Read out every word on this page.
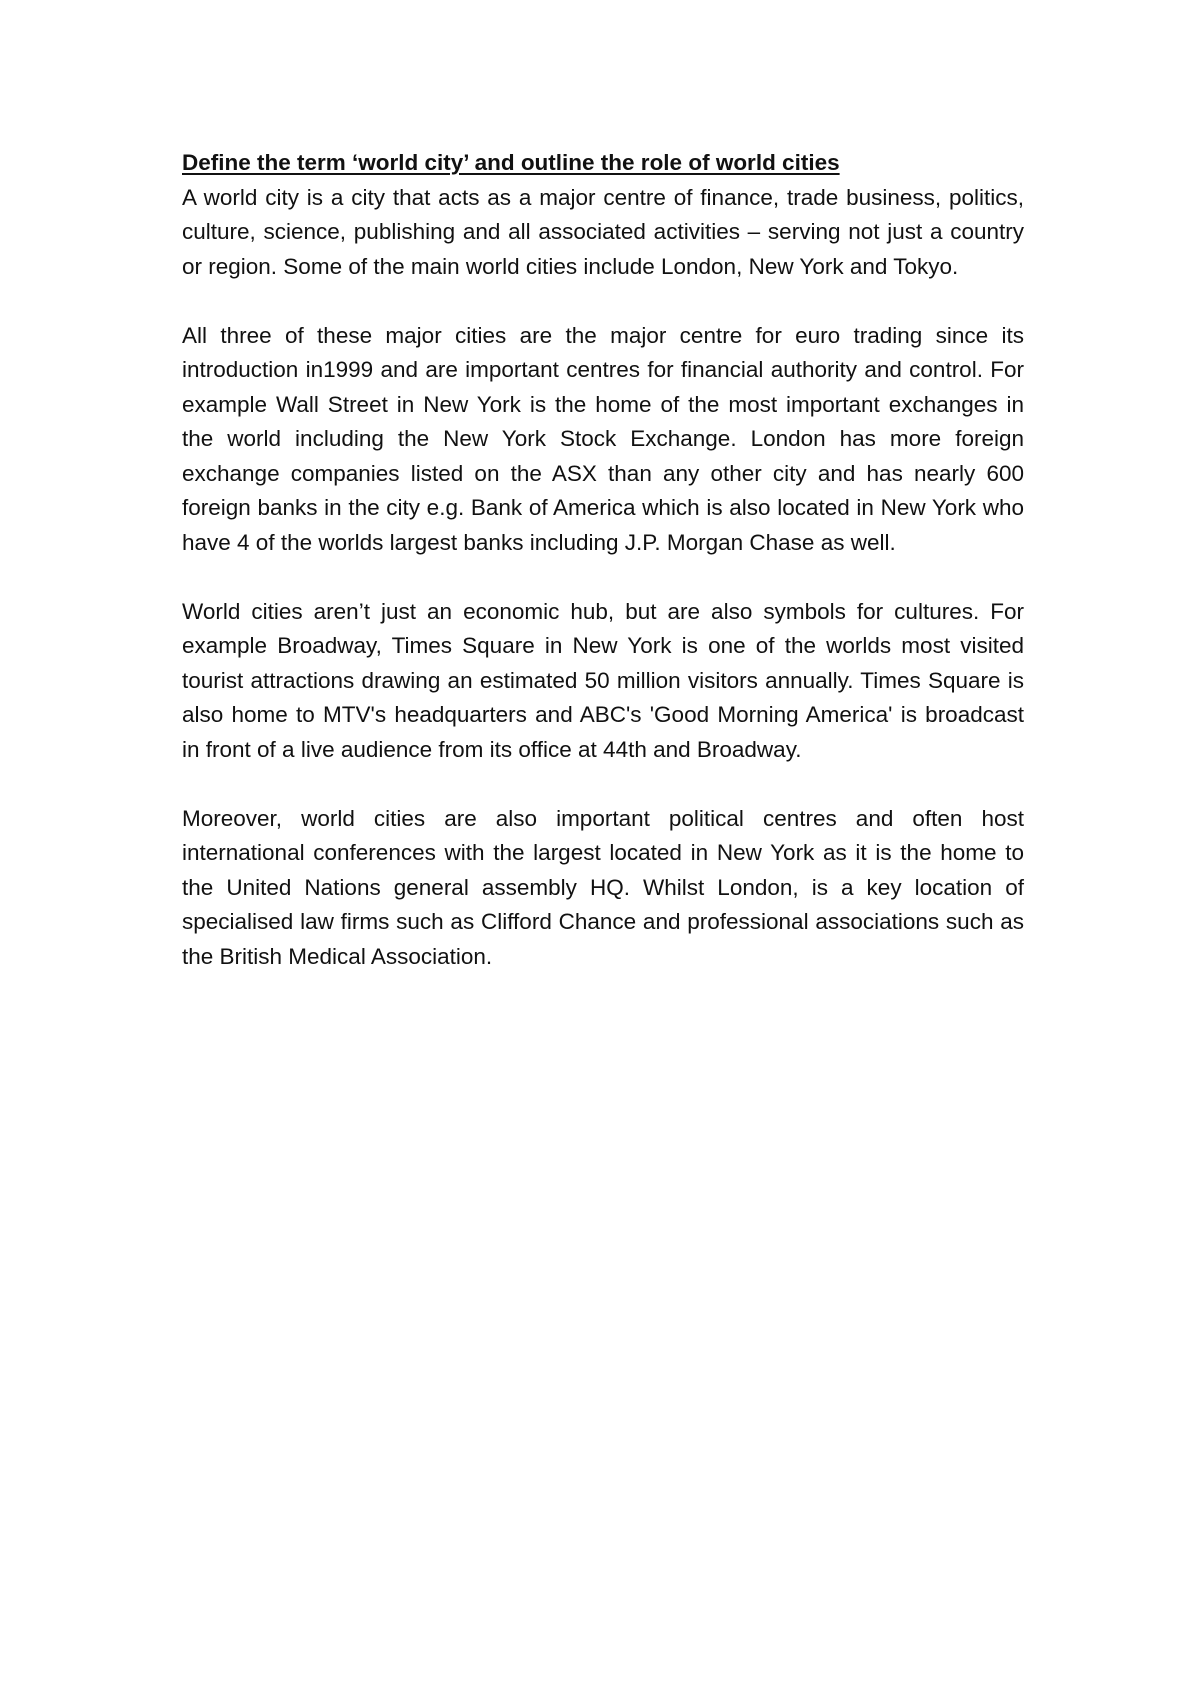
Define the term ‘world city’ and outline the role of world cities

A world city is a city that acts as a major centre of finance, trade business, politics, culture, science, publishing and all associated activities – serving not just a country or region. Some of the main world cities include London, New York and Tokyo.

All three of these major cities are the major centre for euro trading since its introduction in1999 and are important centres for financial authority and control. For example Wall Street in New York is the home of the most important exchanges in the world including the New York Stock Exchange. London has more foreign exchange companies listed on the ASX than any other city and has nearly 600 foreign banks in the city e.g. Bank of America which is also located in New York who have 4 of the worlds largest banks including J.P. Morgan Chase as well.

World cities aren’t just an economic hub, but are also symbols for cultures. For example Broadway, Times Square in New York is one of the worlds most visited tourist attractions drawing an estimated 50 million visitors annually. Times Square is also home to MTV's headquarters and ABC's 'Good Morning America' is broadcast in front of a live audience from its office at 44th and Broadway.

Moreover, world cities are also important political centres and often host international conferences with the largest located in New York as it is the home to the United Nations general assembly HQ. Whilst London, is a key location of specialised law firms such as Clifford Chance and professional associations such as the British Medical Association.
